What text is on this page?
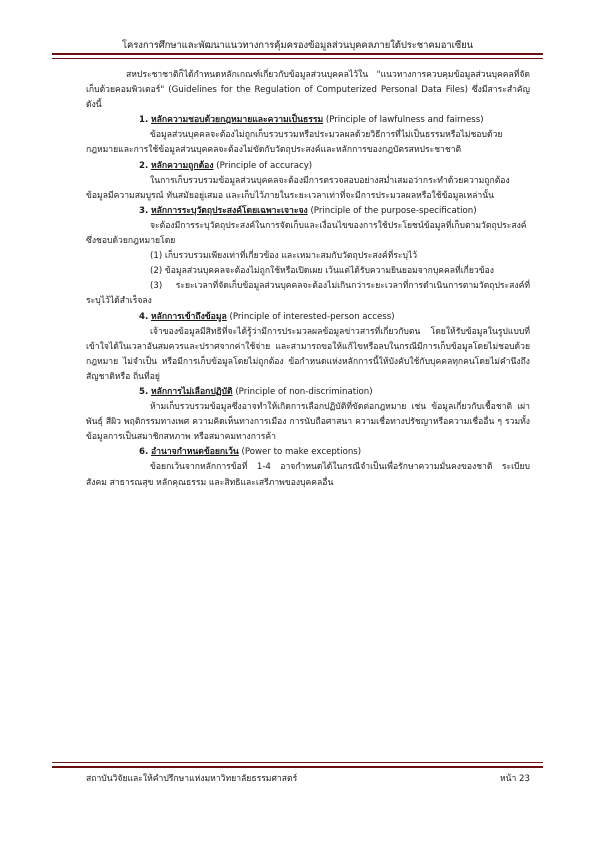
โครงการศึกษาและพัฒนาแนวทางการคุ้มครองข้อมูลส่วนบุคคลภายใต้ประชาคมอาเซียน

สหประชาชาติก็ได้กำหนดหลักเกณฑ์เกี่ยวกับข้อมูลส่วนบุคคลไว้ใน "แนวทางการควบคุมข้อมูลส่วนบุคคลที่จัดเก็บด้วยคอมพิวเตอร์" (Guidelines for the Regulation of Computerized Personal Data Files) ซึ่งมีสาระสำคัญดังนี้

1. หลักความชอบด้วยกฎหมายและความเป็นธรรม (Principle of lawfulness and fairness)

ข้อมูลส่วนบุคคลจะต้องไม่ถูกเก็บรวบรวมหรือประมวลผลด้วยวิธีการที่ไม่เป็นธรรมหรือไม่ชอบด้วยกฎหมายและการใช้ข้อมูลส่วนบุคคลจะต้องไม่ขัดกับวัตถุประสงค์และหลักการของกฎบัตรสหประชาชาติ

2. หลักความถูกต้อง (Principle of accuracy)

ในการเก็บรวบรวมข้อมูลส่วนบุคคลจะต้องมีการตรวจสอบอย่างสม่ำเสมอว่ากระทำด้วยความถูกต้อง ข้อมูลมีความสมบูรณ์ ทันสมัยอยู่เสมอ และเก็บไว้ภายในระยะเวลาเท่าที่จะมีการประมวลผลหรือใช้ข้อมูลเหล่านั้น

3. หลักการระบุวัตถุประสงค์โดยเฉพาะเจาะจง (Principle of the purpose-specification)

จะต้องมีการระบุวัตถุประสงค์ในการจัดเก็บและเงื่อนไขของการใช้ประโยชน์ข้อมูลที่เก็บตามวัตถุประสงค์ซึ่งชอบด้วยกฎหมายโดย

(1) เก็บรวบรวมเพียงเท่าที่เกี่ยวข้อง และเหมาะสมกับวัตถุประสงค์ที่ระบุไว้

(2) ข้อมูลส่วนบุคคลจะต้องไม่ถูกใช้หรือเปิดเผย เว้นแต่ได้รับความยินยอมจากบุคคลที่เกี่ยวข้อง

(3) ระยะเวลาที่จัดเก็บข้อมูลส่วนบุคคลจะต้องไม่เกินกว่าระยะเวลาที่การดำเนินการตามวัตถุประสงค์ที่ระบุไว้ได้สำเร็จลง

4. หลักการเข้าถึงข้อมูล (Principle of interested-person access)

เจ้าของข้อมูลมีสิทธิที่จะได้รู้ว่ามีการประมวลผลข้อมูลข่าวสารที่เกี่ยวกับตน โดยให้รับข้อมูลในรูปแบบที่เข้าใจได้ในเวลาอันสมควรและปราศจากค่าใช้จ่าย และสามารถขอให้แก้ไขหรือลบในกรณีมีการเก็บข้อมูลโดยไม่ชอบด้วยกฎหมาย ไม่จำเป็น หรือมีการเก็บข้อมูลโดยไม่ถูกต้อง ข้อกำหนดแห่งหลักการนี้ให้บังคับใช้กับบุคคลทุกคนโดยไม่คำนึงถึงสัญชาติหรือ ถิ่นที่อยู่

5. หลักการไม่เลือกปฏิบัติ (Principle of non-discrimination)

ห้ามเก็บรวบรวมข้อมูลซึ่งอาจทำให้เกิดการเลือกปฏิบัติที่ขัดต่อกฎหมาย เช่น ข้อมูลเกี่ยวกับเชื้อชาติ เผ่าพันธุ์ สีผิว พฤติกรรมทางเพศ ความคิดเห็นทางการเมือง การนับถือศาสนา ความเชื่อทางปรัชญาหรือความเชื่ออื่น ๆ รวมทั้งข้อมูลการเป็นสมาชิกสหภาพ หรือสมาคมทางการค้า

6. อำนาจกำหนดข้อยกเว้น (Power to make exceptions)

ข้อยกเว้นจากหลักการข้อที่ 1-4 อาจกำหนดได้ในกรณีจำเป็นเพื่อรักษาความมั่นคงของชาติ ระเบียบ สังคม สาธารณสุข หลักคุณธรรม และสิทธิและเสรีภาพของบุคคลอื่น

สถาบันวิจัยและให้คำปรึกษาแห่งมหาวิทยาลัยธรรมศาสตร์	หน้า 23
